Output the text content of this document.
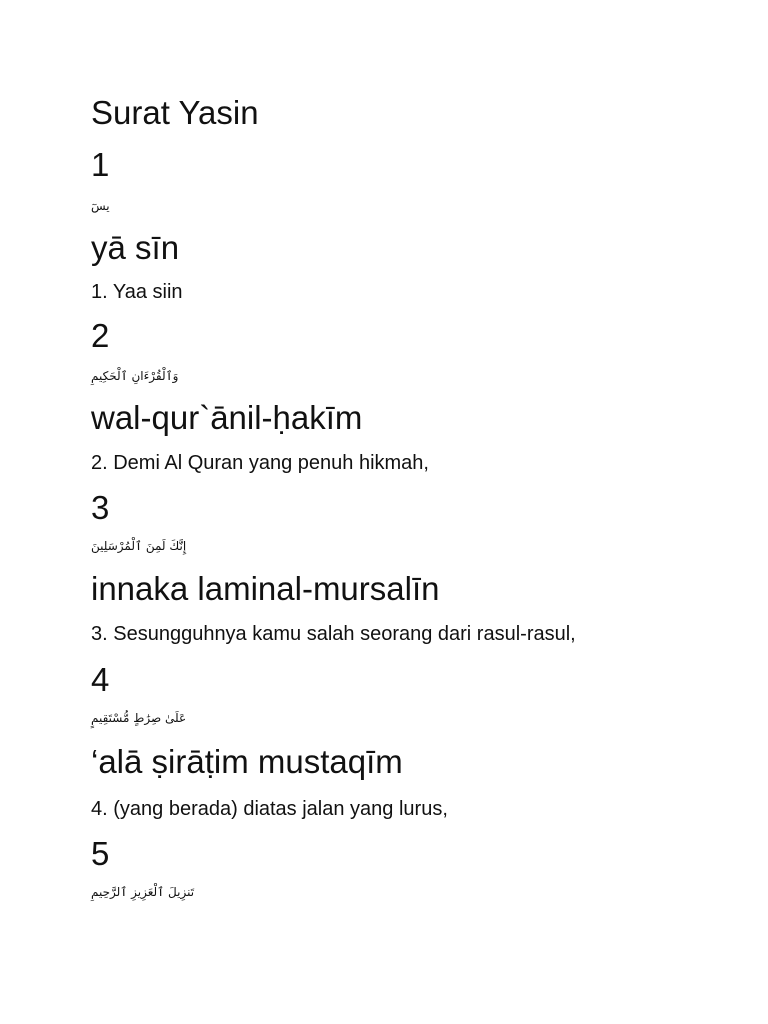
Surat Yasin
1
يسٓ
yā sīn
1. Yaa siin
2
وَٱلْقُرْءَانِ ٱلْحَكِيمِ
wal-qur`ānil-ḥakīm
2. Demi Al Quran yang penuh hikmah,
3
إِنَّكَ لَمِنَ ٱلْمُرْسَلِينَ
innaka laminal-mursalīn
3. Sesungguhnya kamu salah seorang dari rasul-rasul,
4
عَلَىٰ صِرَٰطٍ مُّسْتَقِيمٍ
‘alā ṣirāṭim mustaqīm
4. (yang berada) diatas jalan yang lurus,
5
تَنزِيلَ ٱلْعَزِيزِ ٱلرَّحِيمِ
